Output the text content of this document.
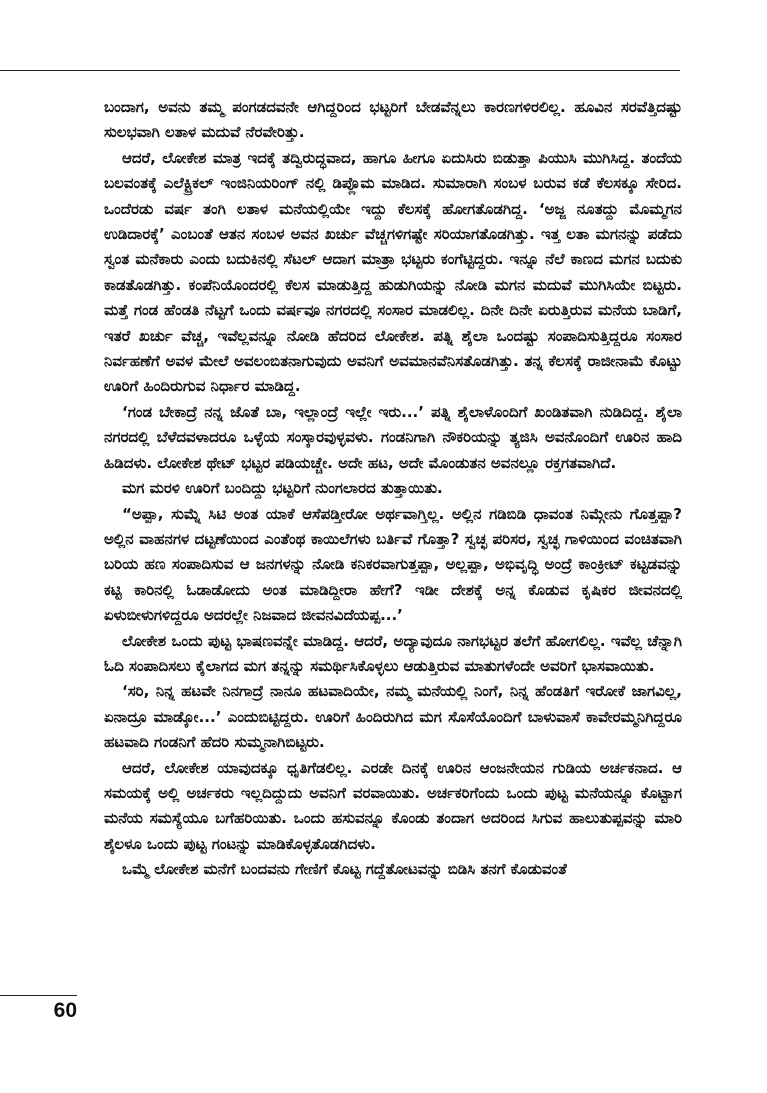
ಬಂದಾಗ, ಅವನು ತಮ್ಮ ಪಂಗಡದವನೇ ಆಗಿದ್ದರಿಂದ ಭಟ್ಟರಿಗೆ ಬೇಡವೆನ್ನಲು ಕಾರಣಗಳಿರಲಿಲ್ಲ. ಹೂವಿನ ಸರವೆತ್ತಿದಷ್ಟು ಸುಲಭವಾಗಿ ಲತಾಳ ಮದುವೆ ನೆರವೇರಿತ್ತು.

ಆದರೆ, ಲೋಕೇಶ ಮಾತ್ರ ಇದಕ್ಕೆ ತದ್ವಿರುದ್ಧವಾದ, ಹಾಗೂ ಹೀಗೂ ಏದುಸಿರು ಬಿಡುತ್ತಾ ಪಿಯುಸಿ ಮುಗಿಸಿದ್ದ. ತಂದೆಯ ಬಲವಂತಕ್ಕೆ ಎಲೆಕ್ಟ್ರಿಕಲ್ ಇಂಜಿನಿಯರಿಂಗ್ ನಲ್ಲಿ ಡಿಪ್ಲೊಮ ಮಾಡಿದ. ಸುಮಾರಾಗಿ ಸಂಬಳ ಬರುವ ಕಡೆ ಕೆಲಸಕ್ಕೂ ಸೇರಿದ. ಒಂದೆರಡು ವರ್ಷ ತಂಗಿ ಲತಾಳ ಮನೆಯಲ್ಲಿಯೇ ಇದ್ದು ಕೆಲಸಕ್ಕೆ ಹೋಗತೊಡಗಿದ್ದ. ‘ಅಜ್ಜ ನೂತದ್ದು ಮೊಮ್ಮಗನ ಉಡಿದಾರಕ್ಕೆ’ ಎಂಬಂತೆ ಆತನ ಸಂಬಳ ಅವನ ಖರ್ಚು ವೆಚ್ಚಗಳಿಗಷ್ಟೇ ಸರಿಯಾಗತೊಡಗಿತ್ತು. ಇತ್ತ ಲತಾ ಮಗನನ್ನು ಪಡೆದು ಸ್ವಂತ ಮನೆಕಾರು ಎಂದು ಬದುಕಿನಲ್ಲಿ ಸೆಟಲ್ ಆದಾಗ ಮಾತ್ರಾ ಭಟ್ಟರು ಕಂಗೆಟ್ಟಿದ್ದರು. ಇನ್ನೂ ನೆಲೆ ಕಾಣದ ಮಗನ ಬದುಕು ಕಾಡತೊಡಗಿತ್ತು. ಕಂಪೆನಿಯೊಂದರಲ್ಲಿ ಕೆಲಸ ಮಾಡುತ್ತಿದ್ದ ಹುಡುಗಿಯನ್ನು ನೋಡಿ ಮಗನ ಮದುವೆ ಮುಗಿಸಿಯೇ ಬಿಟ್ಟರು. ಮತ್ತೆ ಗಂಡ ಹೆಂಡತಿ ನೆಟ್ಟಗೆ ಒಂದು ವರ್ಷವೂ ನಗರದಲ್ಲಿ ಸಂಸಾರ ಮಾಡಲಿಲ್ಲ. ದಿನೇ ದಿನೇ ಏರುತ್ತಿರುವ ಮನೆಯ ಬಾಡಿಗೆ, ಇತರೆ ಖರ್ಚು ವೆಚ್ಚ, ಇವೆಲ್ಲವನ್ನೂ ನೋಡಿ ಹೆದರಿದ ಲೋಕೇಶ. ಪತ್ನಿ ಶೈಲಾ ಒಂದಷ್ಟು ಸಂಪಾದಿಸುತ್ತಿದ್ದರೂ ಸಂಸಾರ ನಿರ್ವಹಣೆಗೆ ಅವಳ ಮೇಲೆ ಅವಲಂಬಿತನಾಗುವುದು ಅವನಿಗೆ ಅವಮಾನವೆನಿಸತೊಡಗಿತ್ತು. ತನ್ನ ಕೆಲಸಕ್ಕೆ ರಾಜೀನಾಮೆ ಕೊಟ್ಟು ಊರಿಗೆ ಹಿಂದಿರುಗುವ ನಿರ್ಧಾರ ಮಾಡಿದ್ದ.

‘ಗಂಡ ಬೇಕಾದ್ರೆ ನನ್ನ ಜೊತೆ ಬಾ, ಇಲ್ಲಾಂದ್ರೆ ಇಲ್ಲೇ ಇರು...’ ಪತ್ನಿ ಶೈಲಾಳೊಂದಿಗೆ ಖಂಡಿತವಾಗಿ ನುಡಿದಿದ್ದ. ಶೈಲಾ ನಗರದಲ್ಲಿ ಬೆಳೆದವಳಾದರೂ ಒಳ್ಳೆಯ ಸಂಸ್ಕಾರವುಳ್ಳವಳು. ಗಂಡನಿಗಾಗಿ ನೌಕರಿಯನ್ನು ತ್ಯಜಿಸಿ ಅವನೊಂದಿಗೆ ಊರಿನ ಹಾದಿ ಹಿಡಿದಳು. ಲೋಕೇಶ ಥೇಟ್ ಭಟ್ಟರ ಪಡಿಯಚ್ಚೇ. ಅದೇ ಹಟ, ಅದೇ ಮೊಂಡುತನ ಅವನಲ್ಲೂ ರಕ್ತಗತವಾಗಿದೆ.

ಮಗ ಮರಳಿ ಊರಿಗೆ ಬಂದಿದ್ದು ಭಟ್ಟರಿಗೆ ನುಂಗಲಾರದ ತುತ್ತಾಯಿತು.

“ಅಪ್ಪಾ, ಸುಮ್ನೆ ಸಿಟಿ ಅಂತ ಯಾಕೆ ಆಸೆಪಡ್ತೀರೋ ಅರ್ಥವಾಗ್ತಿಲ್ಲ. ಅಲ್ಲಿನ ಗಡಿಬಿಡಿ ಧಾವಂತ ನಿಮ್ಗೇನು ಗೊತ್ತಪ್ಪಾ? ಅಲ್ಲಿನ ವಾಹನಗಳ ದಟ್ಟಣೆಯಿಂದ ಎಂತೆಂಥ ಕಾಯಿಲೆಗಳು ಬರ್ತಿವೆ ಗೊತ್ತಾ? ಸ್ವಚ್ಛ ಪರಿಸರ, ಸ್ವಚ್ಛ ಗಾಳಿಯಿಂದ ವಂಚಿತವಾಗಿ ಬರಿಯ ಹಣ ಸಂಪಾದಿಸುವ ಆ ಜನಗಳನ್ನು ನೋಡಿ ಕನಿಕರವಾಗುತ್ತಪ್ಪಾ, ಅಲ್ಲಪ್ಪಾ, ಅಭಿವೃದ್ಧಿ ಅಂದ್ರೆ ಕಾಂಕ್ರೀಟ್ ಕಟ್ಟಡವನ್ನು ಕಟ್ಟಿ ಕಾರಿನಲ್ಲಿ ಓಡಾಡೋದು ಅಂತ ಮಾಡಿದ್ದೀರಾ ಹೇಗೆ? ಇಡೀ ದೇಶಕ್ಕೆ ಅನ್ನ ಕೊಡುವ ಕೃಷಿಕರ ಜೀವನದಲ್ಲಿ ಏಳುಬೀಳುಗಳಿದ್ದರೂ ಅದರಲ್ಲೇ ನಿಜವಾದ ಜೀವನವಿದೆಯಪ್ಪ...’

ಲೋಕೇಶ ಒಂದು ಪುಟ್ಟ ಭಾಷಣವನ್ನೇ ಮಾಡಿದ್ದ. ಆದರೆ, ಅದ್ಯಾವುದೂ ನಾಗಭಟ್ಟರ ತಲೆಗೆ ಹೋಗಲಿಲ್ಲ. ಇವೆಲ್ಲ ಚೆನ್ನಾಗಿ ಓದಿ ಸಂಪಾದಿಸಲು ಕೈಲಾಗದ ಮಗ ತನ್ನನ್ನು ಸಮರ್ಥಿಸಿಕೊಳ್ಳಲು ಆಡುತ್ತಿರುವ ಮಾತುಗಳೆಂದೇ ಅವರಿಗೆ ಭಾಸವಾಯಿತು.

‘ಸರಿ, ನಿನ್ನ ಹಟವೇ ನಿನಗಾದ್ರೆ ನಾನೂ ಹಟವಾದಿಯೇ, ನಮ್ಮ ಮನೆಯಲ್ಲಿ ನಿಂಗೆ, ನಿನ್ನ ಹೆಂಡತಿಗೆ ಇರೋಕೆ ಜಾಗವಿಲ್ಲ, ಏನಾದ್ರೂ ಮಾಡ್ಕೋ...’ ಎಂದುಬಿಟ್ಟಿದ್ದರು. ಊರಿಗೆ ಹಿಂದಿರುಗಿದ ಮಗ ಸೊಸೆಯೊಂದಿಗೆ ಬಾಳುವಾಸೆ ಕಾವೇರಮ್ಮನಿಗಿದ್ದರೂ ಹಟವಾದಿ ಗಂಡನಿಗೆ ಹೆದರಿ ಸುಮ್ಮನಾಗಿಬಿಟ್ಟರು.

ಆದರೆ, ಲೋಕೇಶ ಯಾವುದಕ್ಕೂ ಧೃತಿಗೆಡಲಿಲ್ಲ. ಎರಡೇ ದಿನಕ್ಕೆ ಊರಿನ ಆಂಜನೇಯನ ಗುಡಿಯ ಅರ್ಚಕನಾದ. ಆ ಸಮಯಕ್ಕೆ ಅಲ್ಲಿ ಅರ್ಚಕರು ಇಲ್ಲದಿದ್ದುದು ಅವನಿಗೆ ವರವಾಯಿತು. ಅರ್ಚಕರಿಗೆಂದು ಒಂದು ಪುಟ್ಟ ಮನೆಯನ್ನೂ ಕೊಟ್ಟಾಗ ಮನೆಯ ಸಮಸ್ಯೆಯೂ ಬಗೆಹರಿಯಿತು. ಒಂದು ಹಸುವನ್ನೂ ಕೊಂಡು ತಂದಾಗ ಅದರಿಂದ ಸಿಗುವ ಹಾಲುತುಪ್ಪವನ್ನು ಮಾರಿ ಶೈಲಳೂ ಒಂದು ಪುಟ್ಟ ಗಂಟನ್ನು ಮಾಡಿಕೊಳ್ಳತೊಡಗಿದಳು.

ಒಮ್ಮೆ ಲೋಕೇಶ ಮನೆಗೆ ಬಂದವನು ಗೇಣಿಗೆ ಕೊಟ್ಟ ಗದ್ದೆತೋಟವನ್ನು ಬಿಡಿಸಿ ತನಗೆ ಕೊಡುವಂತೆ

60
